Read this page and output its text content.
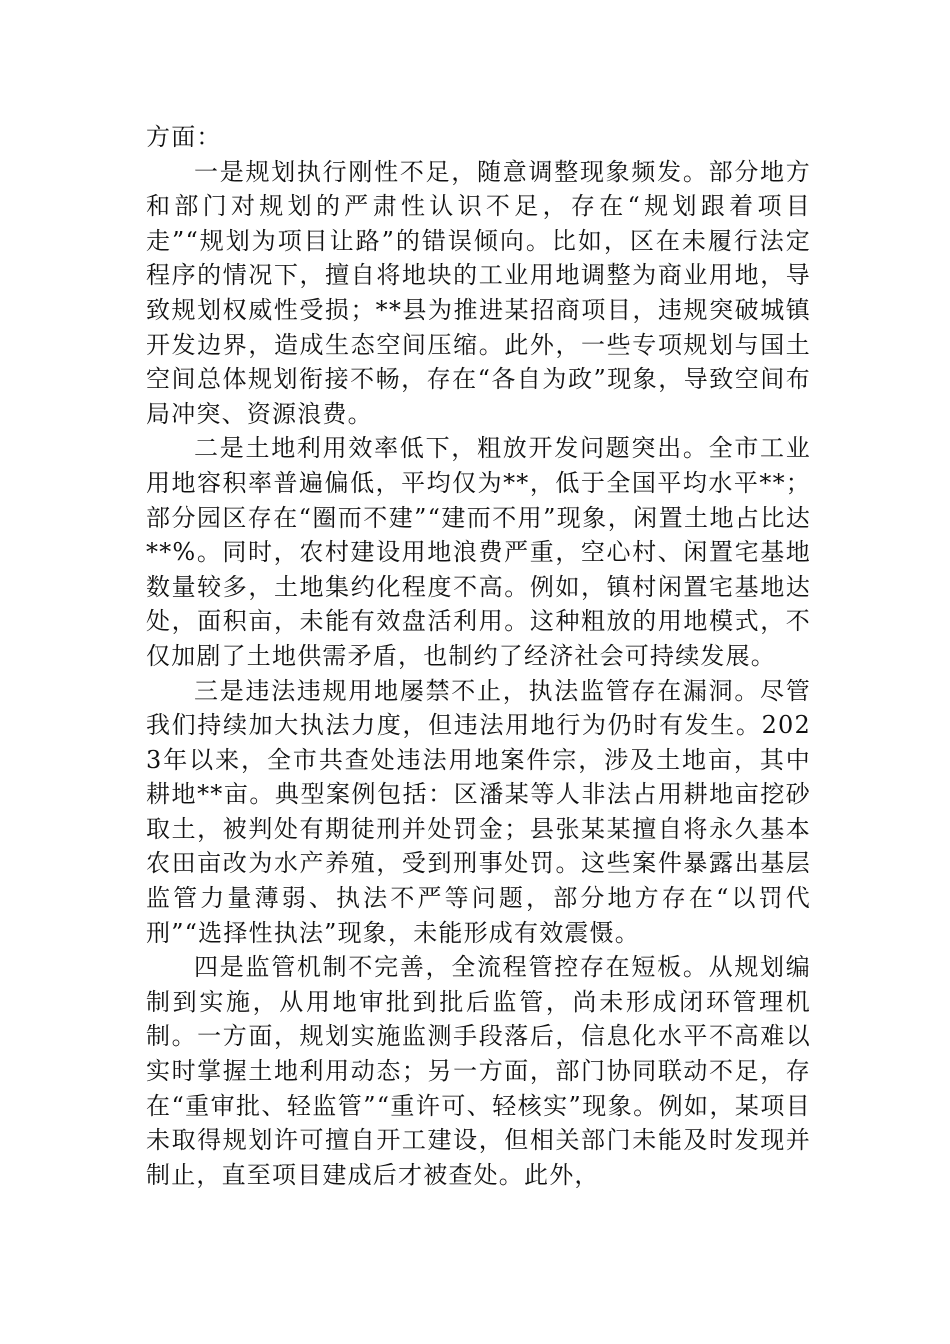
方面：

一是规划执行刚性不足，随意调整现象频发。部分地方和部门对规划的严肃性认识不足，存在“规划跟着项目走”“规划为项目让路”的错误倾向。比如，区在未履行法定程序的情况下，擅自将地块的工业用地调整为商业用地，导致规划权威性受损；**县为推进某招商项目，违规突破城镇开发边界，造成生态空间压缩。此外，一些专项规划与国土空间总体规划衔接不畅，存在“各自为政”现象，导致空间布局冲突、资源浪费。

二是土地利用效率低下，粗放开发问题突出。全市工业用地容积率普遍偏低，平均仅为**，低于全国平均水平**；部分园区存在“圈而不建”“建而不用”现象，闲置土地占比达**%。同时，农村建设用地浪费严重，空心村、闲置宅基地数量较多，土地集约化程度不高。例如，镇村闲置宅基地达处，面积亩，未能有效盘活利用。这种粗放的用地模式，不仅加剧了土地供需矛盾，也制约了经济社会可持续发展。

三是违法违规用地屡禁不止，执法监管存在漏洞。尽管我们持续加大执法力度，但违法用地行为仍时有发生。2023年以来，全市共查处违法用地案件宗，涉及土地亩，其中耕地**亩。典型案例包括：区潘某等人非法占用耕地亩挖砂取土，被判处有期徒刑并处罚金；县张某某擅自将永久基本农田亩改为水产养殖，受到刑事处罚。这些案件暴露出基层监管力量薄弱、执法不严等问题，部分地方存在“以罚代刑”“选择性执法”现象，未能形成有效震慑。

四是监管机制不完善，全流程管控存在短板。从规划编制到实施，从用地审批到批后监管，尚未形成闭环管理机制。一方面，规划实施监测手段落后，信息化水平不高难以实时掌握土地利用动态；另一方面，部门协同联动不足，存在“重审批、轻监管”“重许可、轻核实”现象。例如，某项目未取得规划许可擅自开工建设，但相关部门未能及时发现并制止，直至项目建成后才被查处。此外，
